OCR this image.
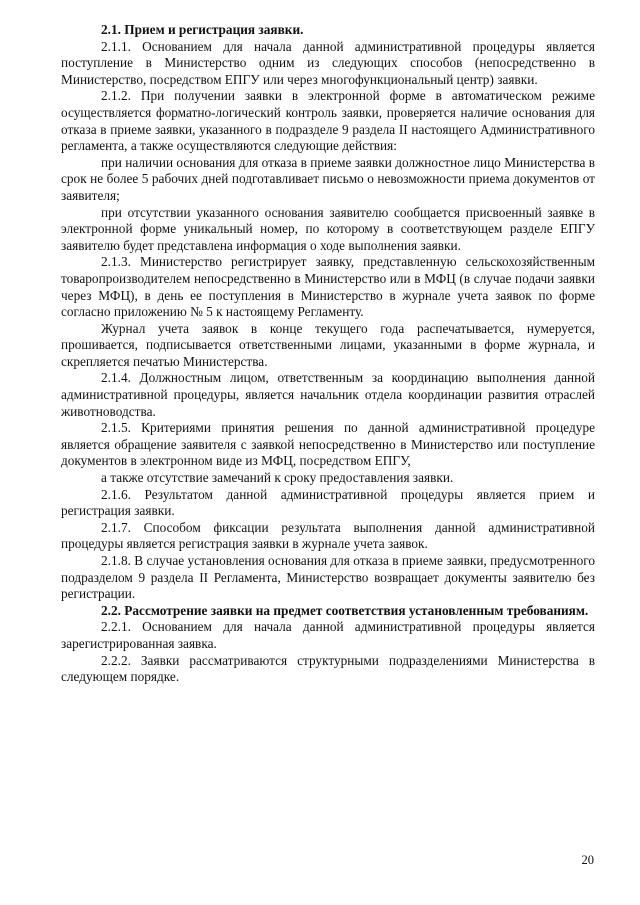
2.1. Прием и регистрация заявки.

2.1.1. Основанием для начала данной административной процедуры является поступление в Министерство одним из следующих способов (непосредственно в Министерство, посредством ЕПГУ или через многофункциональный центр) заявки.

2.1.2. При получении заявки в электронной форме в автоматическом режиме осуществляется форматно-логический контроль заявки, проверяется наличие основания для отказа в приеме заявки, указанного в подразделе 9 раздела II настоящего Административного регламента, а также осуществляются следующие действия:

при наличии основания для отказа в приеме заявки должностное лицо Министерства в срок не более 5 рабочих дней подготавливает письмо о невозможности приема документов от заявителя;

при отсутствии указанного основания заявителю сообщается присвоенный заявке в электронной форме уникальный номер, по которому в соответствующем разделе ЕПГУ заявителю будет представлена информация о ходе выполнения заявки.

2.1.3. Министерство регистрирует заявку, представленную сельскохозяйственным товаропроизводителем непосредственно в Министерство или в МФЦ (в случае подачи заявки через МФЦ), в день ее поступления в Министерство в журнале учета заявок по форме согласно приложению № 5 к настоящему Регламенту.

Журнал учета заявок в конце текущего года распечатывается, нумеруется, прошивается, подписывается ответственными лицами, указанными в форме журнала, и скрепляется печатью Министерства.

2.1.4. Должностным лицом, ответственным за координацию выполнения данной административной процедуры, является начальник отдела координации развития отраслей животноводства.

2.1.5. Критериями принятия решения по данной административной процедуре является обращение заявителя с заявкой непосредственно в Министерство или поступление документов в электронном виде из МФЦ, посредством ЕПГУ,

а также отсутствие замечаний к сроку предоставления заявки.

2.1.6. Результатом данной административной процедуры является прием и регистрация заявки.

2.1.7. Способом фиксации результата выполнения данной административной процедуры является регистрация заявки в журнале учета заявок.

2.1.8. В случае установления основания для отказа в приеме заявки, предусмотренного подразделом 9 раздела II Регламента, Министерство возвращает документы заявителю без регистрации.

2.2. Рассмотрение заявки на предмет соответствия установленным требованиям.

2.2.1. Основанием для начала данной административной процедуры является зарегистрированная заявка.

2.2.2. Заявки рассматриваются структурными подразделениями Министерства в следующем порядке.

20
